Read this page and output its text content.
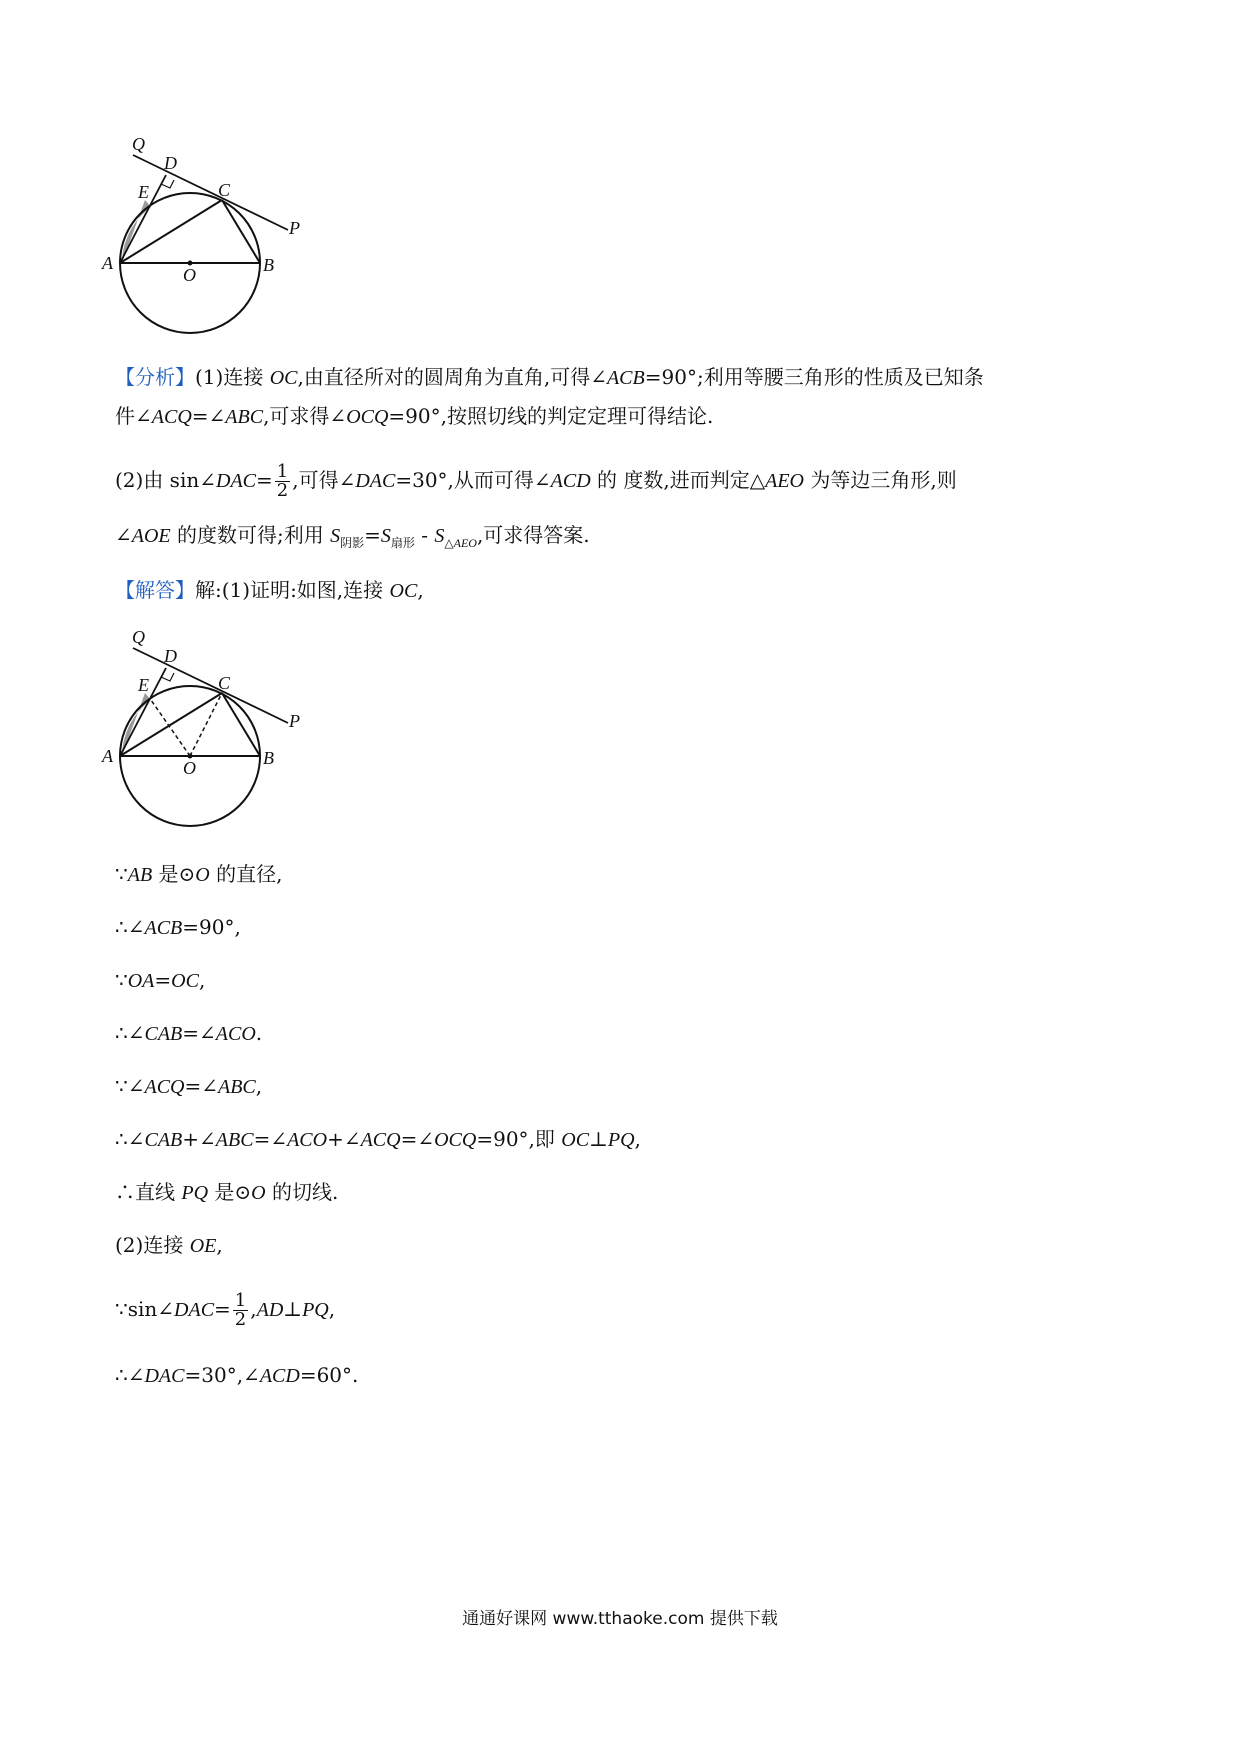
Q
D
E	C
P
A
O	B
【分析】(1)连接 OC,由直径所对的圆周角为直角,可得∠ACB=90°;利用等腰三角形的性质及已知条
件∠ACQ=∠ABC,可求得∠OCQ=90°,按照切线的判定定理可得结论.
(2)由 sin∠DAC= $\frac{1}{2}$ ,可得∠DAC=30°,从而可得∠ACD 的 度数,进而判定△AEO 为等边三角形,则
∠AOE 的度数可得;利用 $S_{阴影}=S_{扇形} - S_{\triangle AEO}$,可求得答案.
【解答】解:(1)证明:如图,连接 OC,
Q
D
E	C
P
A
O	B
∵AB 是⊙O 的直径,
∴∠ACB=90°,
∵OA=OC,
∴∠CAB=∠ACO.
∵∠ACQ=∠ABC,
∴∠CAB+∠ABC=∠ACO+∠ACQ=∠OCQ=90°,即 OC⊥PQ,
∴直线 PQ 是⊙O 的切线.
(2)连接 OE,
∵sin∠DAC= $\frac{1}{2}$ ,AD⊥PQ,
∴∠DAC=30°,∠ACD=60°.
通通好课网 www.tthaoke.com 提供下载
